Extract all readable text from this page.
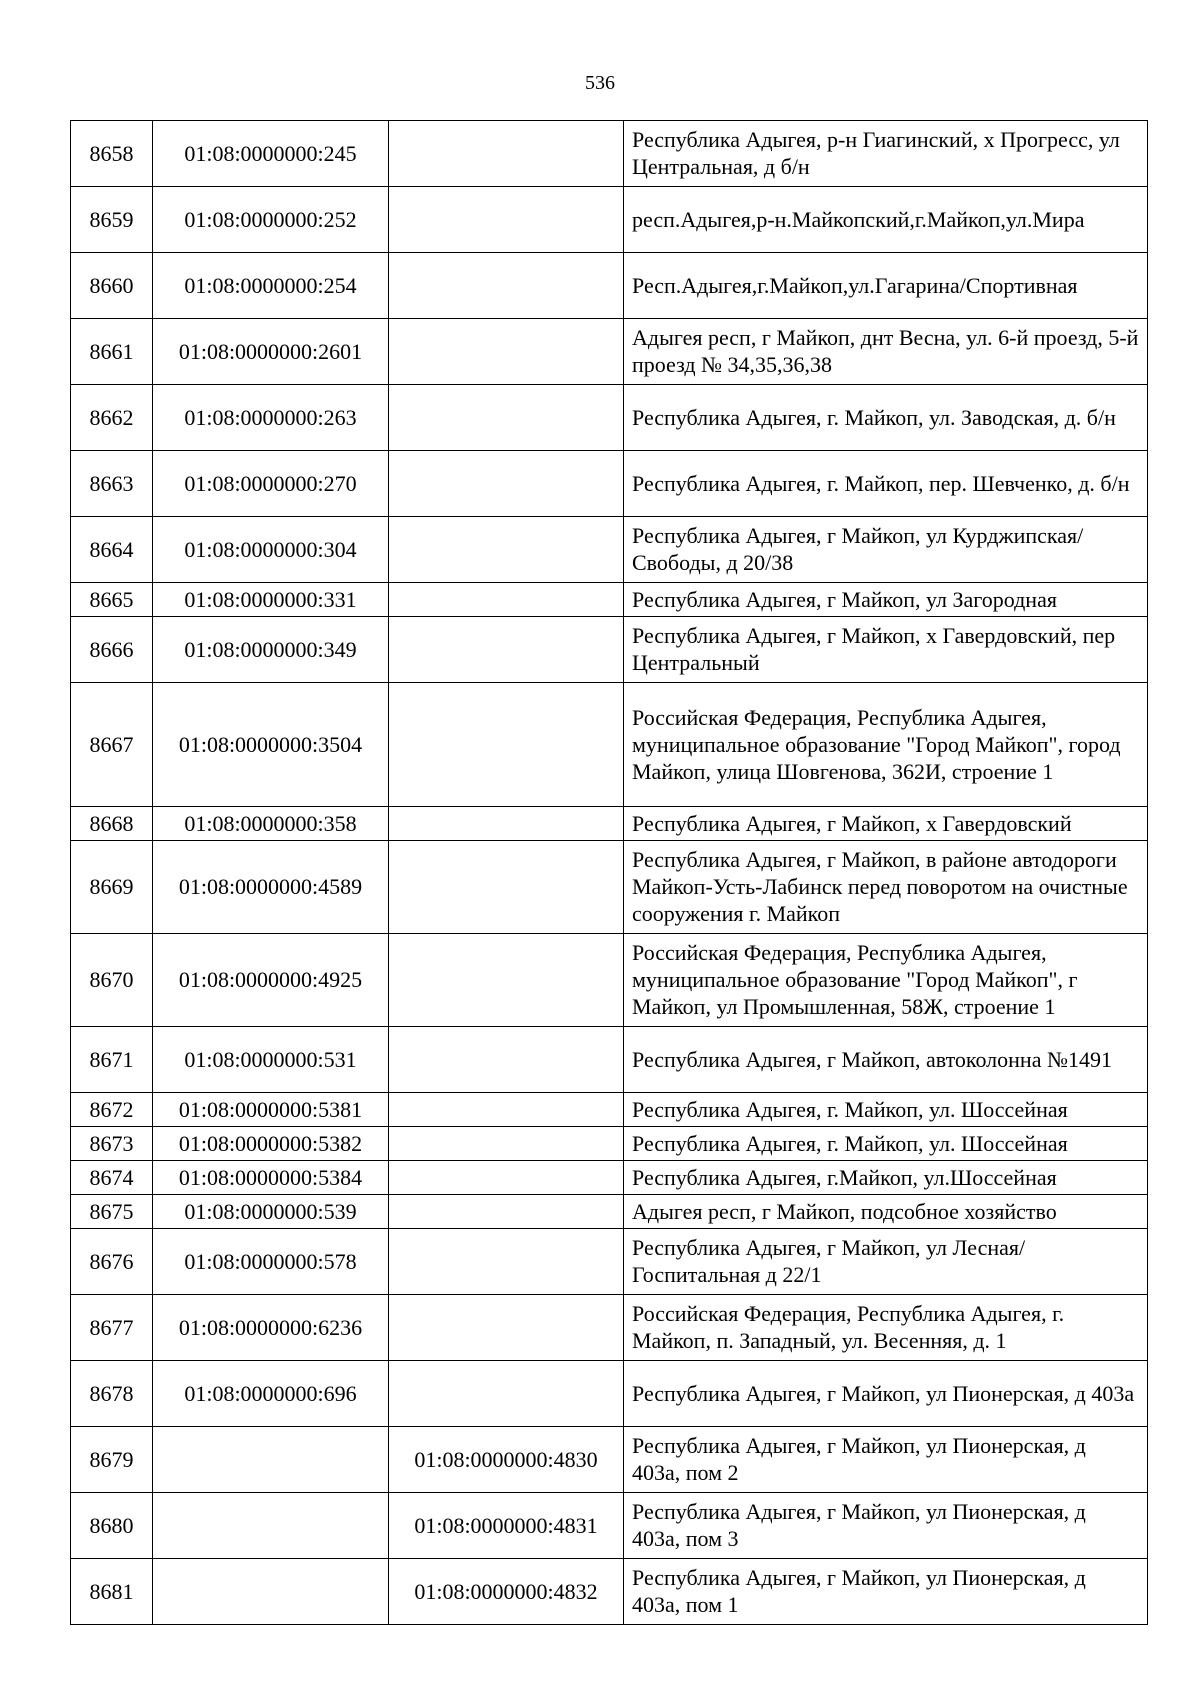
536
8658	01:08:0000000:245		Республика Адыгея, р-н Гиагинский, х Прогресс, ул Центральная, д б/н
8659	01:08:0000000:252		респ.Адыгея,р-н.Майкопский,г.Майкоп,ул.Мира
8660	01:08:0000000:254		Респ.Адыгея,г.Майкоп,ул.Гагарина/Спортивная
8661	01:08:0000000:2601		Адыгея респ, г Майкоп, днт Весна, ул. 6-й проезд, 5-й проезд № 34,35,36,38
8662	01:08:0000000:263		Республика Адыгея, г. Майкоп, ул. Заводская, д. б/н
8663	01:08:0000000:270		Республика Адыгея, г. Майкоп, пер. Шевченко, д. б/н
8664	01:08:0000000:304		Республика Адыгея, г Майкоп, ул Курджипская/Свободы, д 20/38
8665	01:08:0000000:331		Республика Адыгея, г Майкоп, ул Загородная
8666	01:08:0000000:349		Республика Адыгея, г Майкоп, х Гавердовский, пер Центральный
8667	01:08:0000000:3504		Российская Федерация, Республика Адыгея, муниципальное образование "Город Майкоп", город Майкоп, улица Шовгенова, 362И, строение 1
8668	01:08:0000000:358		Республика Адыгея, г Майкоп, х Гавердовский
8669	01:08:0000000:4589		Республика Адыгея, г Майкоп, в районе автодороги Майкоп-Усть-Лабинск перед поворотом на очистные сооружения г. Майкоп
8670	01:08:0000000:4925		Российская Федерация, Республика Адыгея, муниципальное образование "Город Майкоп", г Майкоп, ул Промышленная, 58Ж, строение 1
8671	01:08:0000000:531		Республика Адыгея, г Майкоп, автоколонна №1491
8672	01:08:0000000:5381		Республика Адыгея, г. Майкоп, ул. Шоссейная
8673	01:08:0000000:5382		Республика Адыгея, г. Майкоп, ул. Шоссейная
8674	01:08:0000000:5384		Республика Адыгея, г.Майкоп, ул.Шоссейная
8675	01:08:0000000:539		Адыгея респ, г Майкоп, подсобное хозяйство
8676	01:08:0000000:578		Республика Адыгея, г Майкоп, ул Лесная/Госпитальная д 22/1
8677	01:08:0000000:6236		Российская Федерация, Республика Адыгея, г. Майкоп, п. Западный, ул. Весенняя, д. 1
8678	01:08:0000000:696		Республика Адыгея, г Майкоп, ул Пионерская, д 403а
8679		01:08:0000000:4830	Республика Адыгея, г Майкоп, ул Пионерская, д 403а, пом 2
8680		01:08:0000000:4831	Республика Адыгея, г Майкоп, ул Пионерская, д 403а, пом 3
8681		01:08:0000000:4832	Республика Адыгея, г Майкоп, ул Пионерская, д 403а, пом 1
